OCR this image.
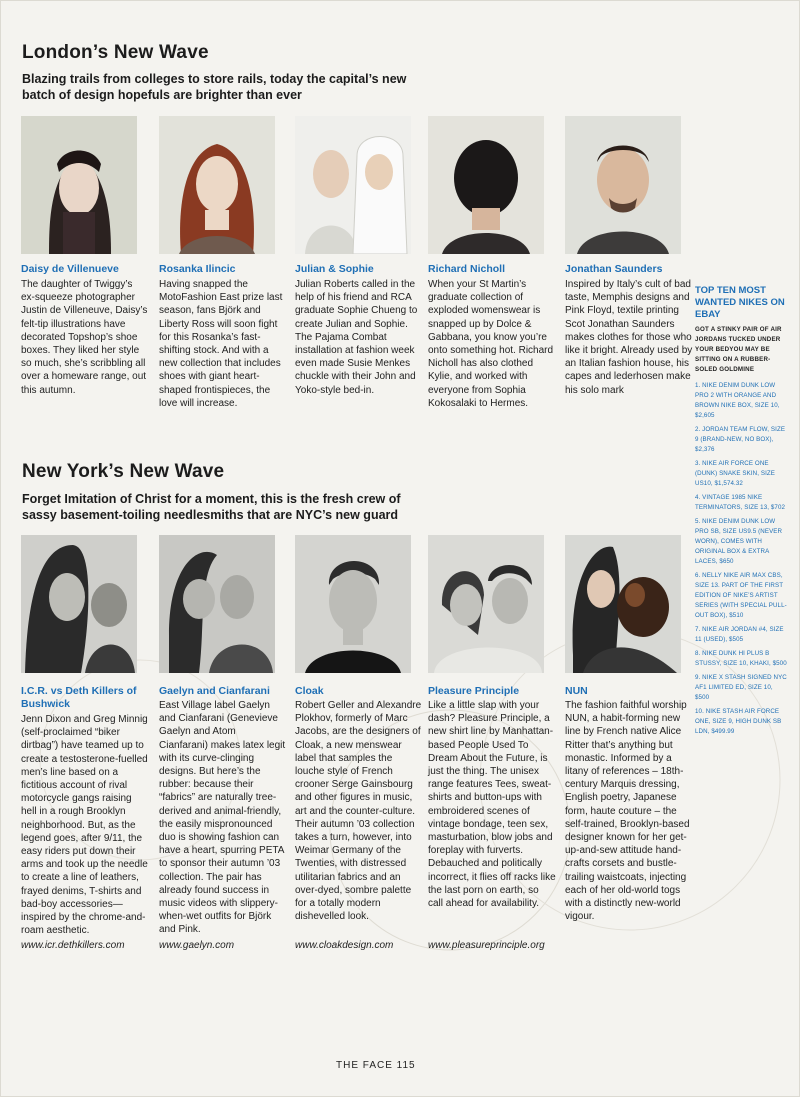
London’s New Wave

Blazing trails from colleges to store rails, today the capital’s new batch of design hopefuls are brighter than ever

Daisy de Villenueve
The daughter of Twiggy’s ex-squeeze photographer Justin de Villeneuve, Daisy’s felt-tip illustrations have decorated Topshop’s shoe boxes. They liked her style so much, she’s scribbling all over a homeware range, out this autumn.
Rosanka Ilincic
Having snapped the MotoFashion East prize last season, fans Björk and Liberty Ross will soon fight for this Rosanka’s fast-shifting stock. And with a new collection that includes shoes with giant heart-shaped frontispieces, the love will increase.
Julian & Sophie
Julian Roberts called in the help of his friend and RCA graduate Sophie Chueng to create Julian and Sophie. The Pajama Combat installation at fashion week even made Susie Menkes chuckle with their John and Yoko-style bed-in.
Richard Nicholl
When your St Martin’s graduate collection of exploded womenswear is snapped up by Dolce & Gabbana, you know you’re onto something hot. Richard Nicholl has also clothed Kylie, and worked with everyone from Sophia Kokosalaki to Hermes.
Jonathan Saunders
Inspired by Italy’s cult of bad taste, Memphis designs and Pink Floyd, textile printing Scot Jonathan Saunders makes clothes for those who like it bright. Already used by an Italian fashion house, his capes and lederhosen make his solo mark
New York’s New Wave

Forget Imitation of Christ for a moment, this is the fresh crew of sassy basement-toiling needlesmiths that are NYC’s new guard

I.C.R. vs Deth Killers of Bushwick
Jenn Dixon and Greg Minnig (self-proclaimed “biker dirtbag”) have teamed up to create a testosterone-fuelled men’s line based on a fictitious account of rival motorcycle gangs raising hell in a rough Brooklyn neighborhood. But, as the legend goes, after 9/11, the easy riders put down their arms and took up the needle to create a line of leathers, frayed denims, T-shirts and bad-boy accessories—inspired by the chrome-and-roam aesthetic.
www.icr.dethkillers.com
Gaelyn and Cianfarani
East Village label Gaelyn and Cianfarani (Genevieve Gaelyn and Atom Cianfarani) makes latex legit with its curve-clinging designs. But here’s the rubber: because their “fabrics” are naturally tree-derived and animal-friendly, the easily mispronounced duo is showing fashion can have a heart, spurring PETA to sponsor their autumn ’03 collection. The pair has already found success in music videos with slippery-when-wet outfits for Björk and Pink.
www.gaelyn.com
Cloak
Robert Geller and Alexandre Plokhov, formerly of Marc Jacobs, are the designers of Cloak, a new menswear label that samples the louche style of French crooner Serge Gainsbourg and other figures in music, art and the counter-culture. Their autumn ’03 collection takes a turn, however, into Weimar Germany of the Twenties, with distressed utilitarian fabrics and an over-dyed, sombre palette for a totally modern dishevelled look.
www.cloakdesign.com
Pleasure Principle
Like a little slap with your dash? Pleasure Principle, a new shirt line by Manhattan-based People Used To Dream About the Future, is just the thing. The unisex range features Tees, sweat-shirts and button-ups with embroidered scenes of vintage bondage, teen sex, masturbation, blow jobs and foreplay with furverts. Debauched and politically incorrect, it flies off racks like the last porn on earth, so call ahead for availability.
www.pleasureprinciple.org
NUN
The fashion faithful worship NUN, a habit-forming new line by French native Alice Ritter that’s anything but monastic. Informed by a litany of references – 18th-century Marquis dressing, English poetry, Japanese form, haute couture – the self-trained, Brooklyn-based designer known for her get-up-and-sew attitude hand-crafts corsets and bustle-trailing waistcoats, injecting each of her old-world togs with a distinctly new-world vigour.
TOP TEN MOST WANTED NIKES ON EBAY
GOT A STINKY PAIR OF AIR JORDANS TUCKED UNDER YOUR BEDYOU MAY BE SITTING ON A RUBBER-SOLED GOLDMINE
1. NIKE DENIM DUNK LOW PRO 2 WITH ORANGE AND BROWN NIKE BOX, SIZE 10, $2,605
2. JORDAN TEAM FLOW, SIZE 9 (BRAND-NEW, NO BOX), $2,376
3. NIKE AIR FORCE ONE (DUNK) SNAKE SKIN, SIZE US10, $1,574.32
4. VINTAGE 1985 NIKE TERMINATORS, SIZE 13, $702
5. NIKE DENIM DUNK LOW PRO SB, SIZE US9.5 (NEVER WORN), COMES WITH ORIGINAL BOX & EXTRA LACES, $650
6. NELLY NIKE AIR MAX CBS, SIZE 13. PART OF THE FIRST EDITION OF NIKE’S ARTIST SERIES (WITH SPECIAL PULL-OUT BOX), $510
7. NIKE AIR JORDAN #4, SIZE 11 (USED), $505
8. NIKE DUNK HI PLUS B STUSSY, SIZE 10, KHAKI, $500
9. NIKE X STASH SIGNED NYC AF1 LIMITED ED, SIZE 10, $500
10. NIKE STASH AIR FORCE ONE, SIZE 9, HIGH DUNK SB LDN, $499.99
THE FACE 115
